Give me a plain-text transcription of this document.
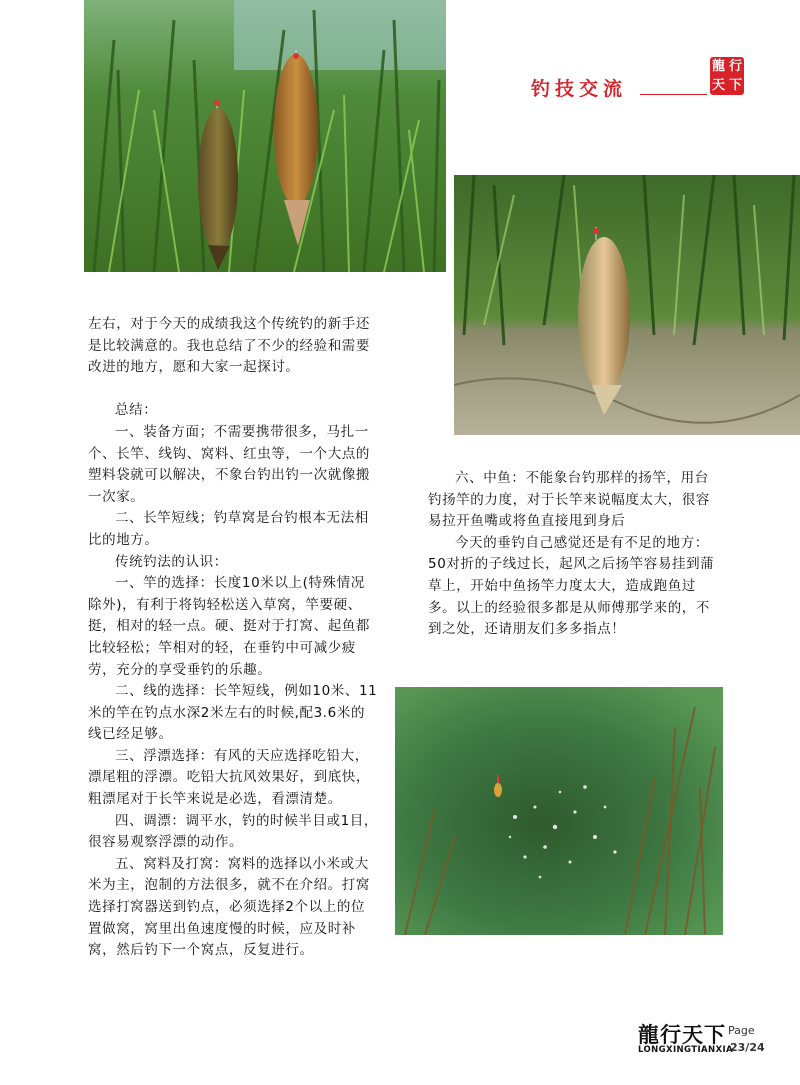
钓技交流
龍 行
天 下

左右，对于今天的成绩我这个传统钓的新手还是比较满意的。我也总结了不少的经验和需要改进的地方，愿和大家一起探讨。

总结：

一、装备方面；不需要携带很多，马扎一个、长竿、线钩、窝料、红虫等，一个大点的塑料袋就可以解决，不象台钓出钓一次就像搬一次家。

二、长竿短线；钓草窝是台钓根本无法相比的地方。

传统钓法的认识：

一、竿的选择：长度10米以上(特殊情况除外)，有利于将钩轻松送入草窝，竿要硬、挺，相对的轻一点。硬、挺对于打窝、起鱼都比较轻松；竿相对的轻，在垂钓中可减少疲劳，充分的享受垂钓的乐趣。

二、线的选择：长竿短线，例如10米、11米的竿在钓点水深2米左右的时候,配3.6米的线已经足够。

三、浮漂选择：有风的天应选择吃铅大，漂尾粗的浮漂。吃铅大抗风效果好，到底快，粗漂尾对于长竿来说是必选，看漂清楚。

四、调漂：调平水，钓的时候半目或1目，很容易观察浮漂的动作。

五、窝料及打窝：窝料的选择以小米或大米为主，泡制的方法很多，就不在介绍。打窝选择打窝器送到钓点，必须选择2个以上的位置做窝，窝里出鱼速度慢的时候，应及时补窝，然后钓下一个窝点，反复进行。

六、中鱼：不能象台钓那样的扬竿，用台钓扬竿的力度，对于长竿来说幅度太大，很容易拉开鱼嘴或将鱼直接甩到身后

今天的垂钓自己感觉还是有不足的地方：50对折的子线过长，起风之后扬竿容易挂到蒲草上，开始中鱼扬竿力度太大，造成跑鱼过多。以上的经验很多都是从师傅那学来的，不到之处，还请朋友们多多指点！

龍行天下
LONGXINGTIANXIA
Page
23/24
